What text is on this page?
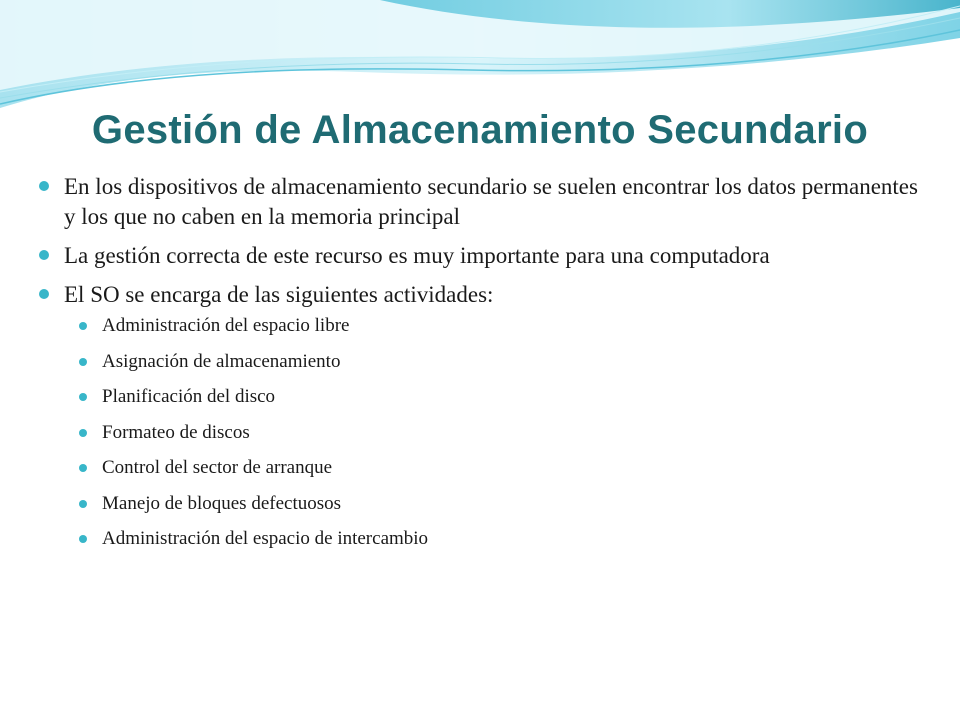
Gestión de Almacenamiento Secundario
En los dispositivos de almacenamiento secundario se suelen encontrar los datos permanentes y los que no caben en la memoria principal
La gestión correcta de este recurso es muy importante para una computadora
El SO se encarga de las siguientes actividades:
Administración del espacio libre
Asignación de almacenamiento
Planificación del disco
Formateo de discos
Control del sector de arranque
Manejo de bloques defectuosos
Administración del espacio de intercambio
